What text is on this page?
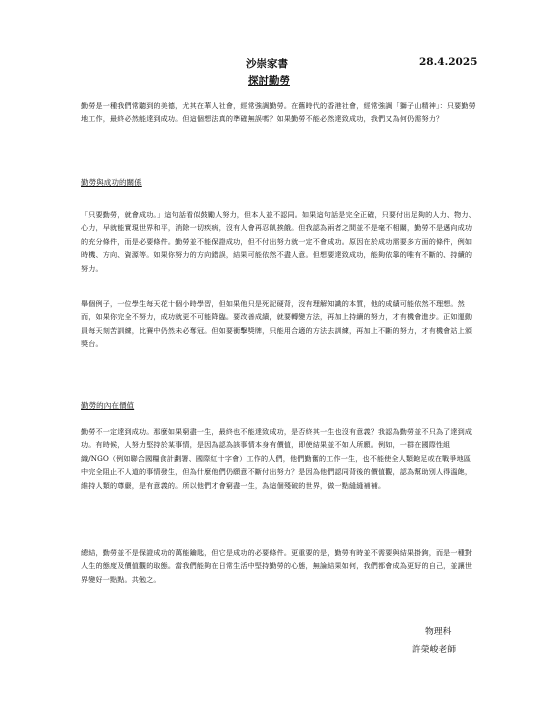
沙崇家書	28.4.2025
探討勤勞

勤勞是一種我們常聽到的美德，尤其在華人社會，經常強調勤勞。在舊時代的香港社會，經常強調「獅子山精神」：只要勤勞地工作，最終必然能達到成功。但這個想法真的準確無誤嗎？如果勤勞不能必然達致成功，我們又為何仍需努力？

勤勞與成功的關係

「只要勤勞，就會成功。」這句話看似鼓勵人努力，但本人並不認同。如果這句話是完全正確，只要付出足夠的人力、物力、心力，早就能實現世界和平，消除一切疾病，沒有人會再忍飢挨餓。但我認為兩者之間並不是毫不相關，勤勞不是邁向成功的充分條件，而是必要條件。勤勞並不能保證成功，但不付出努力就一定不會成功。原因在於成功需要多方面的條件，例如時機、方向、資源等。如果你努力的方向錯誤，結果可能依然不盡人意。但想要達致成功，能夠依靠的唯有不斷的、持續的努力。

舉個例子，一位學生每天花十個小時學習，但如果他只是死記硬背，沒有理解知識的本質，他的成績可能依然不理想。然而，如果你完全不努力，成功就更不可能降臨。要改善成績，就要轉變方法，再加上持續的努力，才有機會進步。正如運動員每天刻苦訓練，比賽中仍然未必奪冠。但如要衝擊獎牌，只能用合適的方法去訓練，再加上不斷的努力，才有機會站上頒獎台。

勤勞的內在價值

勤勞不一定達到成功。那麼如果窮盡一生，最終也不能達致成功，是否終其一生也沒有意義？我認為勤勞並不只為了達到成功。有時候，人努力堅持於某事情，是因為認為該事情本身有價值，即使結果並不如人所願。例如，一群在國際性組織/NGO（例如聯合國糧食計劃署、國際紅十字會）工作的人們，他們勤奮的工作一生，也不能使全人類飽足或在戰爭地區中完全阻止不人道的事情發生，但為什麼他們仍願意不斷付出努力？是因為他們認同背後的價值觀，認為幫助別人得溫飽，維持人類的尊嚴，是有意義的。所以他們才會窮盡一生，為這個殘破的世界，做一點縫縫補補。

總結，勤勞並不是保證成功的萬能鑰匙，但它是成功的必要條件。更重要的是，勤勞有時並不需要與結果掛鉤，而是一種對人生的態度及價值觀的取態。當我們能夠在日常生活中堅持勤勞的心態，無論結果如何，我們都會成為更好的自己，並讓世界變好一點點。共勉之。

物理科
許榮峻老師
